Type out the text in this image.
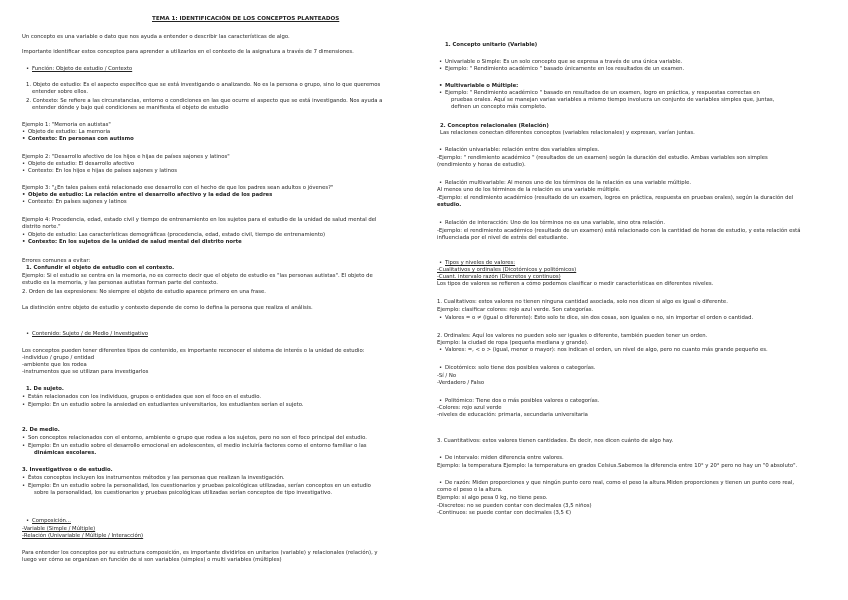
TEMA 1: IDENTIFICACIÓN DE LOS CONCEPTOS PLANTEADOS
Un concepto es una variable o dato que nos ayuda a entender o describir las características de algo.
Importante identificar estos conceptos para aprender a utilizarlos en el contexto de la asignatura a través de 7 dimensiones.
• Función: Objeto de estudio / Contexto
1. Objeto de estudio: Es el aspecto específico que se está investigando o analizando. No es la persona o grupo, sino lo que queremos
entender sobre ellos.
2. Contexto: Se refiere a las circunstancias, entorno o condiciones en las que ocurre el aspecto que se está investigando. Nos ayuda a
entender dónde y bajo qué condiciones se manifiesta el objeto de estudio
Ejemplo 1: "Memoria en autistas"
• Objeto de estudio: La memoria
• Contexto: En personas con autismo
Ejemplo 2: "Desarrollo afectivo de los hijos e hijas de países sajones y latinos"
• Objeto de estudio: El desarrollo afectivo
• Contexto: En los hijos e hijas de países sajones y latinos
Ejemplo 3: "¿En tales países está relacionado ese desarrollo con el hecho de que los padres sean adultos o jóvenes?"
• Objeto de estudio: La relación entre el desarrollo afectivo y la edad de los padres
• Contexto: En países sajones y latinos
Ejemplo 4: Procedencia, edad, estado civil y tiempo de entrenamiento en los sujetos para el estudio de la unidad de salud mental del
distrito norte."
• Objeto de estudio: Las características demográficas (procedencia, edad, estado civil, tiempo de entrenamiento)
• Contexto: En los sujetos de la unidad de salud mental del distrito norte
Errores comunes a evitar:
1. Confundir el objeto de estudio con el contexto.
Ejemplo: Si el estudio se centra en la memoria, no es correcto decir que el objeto de estudio es "las personas autistas". El objeto de
estudio es la memoria, y las personas autistas forman parte del contexto.
2. Orden de las expresiones: No siempre el objeto de estudio aparece primero en una frase.
La distinción entre objeto de estudio y contexto depende de como lo defina la persona que realiza el análisis.
• Contenido: Sujeto / de Medio / Investigativo
Los conceptos pueden tener diferentes tipos de contenido, es importante reconocer el sistema de interés o la unidad de estudio:
-individuo / grupo / entidad
-ambiente que los rodea
-instrumentos que se utilizan para investigarlos
1. De sujeto.
• Están relacionados con los individuos, grupos o entidades que son el foco en el estudio.
• Ejemplo: En un estudio sobre la ansiedad en estudiantes universitarios, los estudiantes serían el sujeto.
2. De medio.
• Son conceptos relacionados con el entorno, ambiente o grupo que rodea a los sujetos, pero no son el foco principal del estudio.
• Ejemplo: En un estudio sobre el desarrollo emocional en adolescentes, el medio incluiría factores como el entorno familiar o las
dinámicas escolares.
3. Investigativos o de estudio.
• Éstos conceptos incluyen los instrumentos métodos y las personas que realizan la investigación.
• Ejemplo: En un estudio sobre la personalidad, los cuestionarios y pruebas psicológicas utilizadas, serían conceptos en un estudio
sobre la personalidad, los cuestionarios y pruebas psicológicas utilizadas serían conceptos de tipo investigativo.
• Composición...
-Variable (Simple / Múltiple)
-Relación (Univariable / Múltiple / Interacción)
Para entender los conceptos por su estructura composición, es importante dividirlos en unitarios (variable) y relacionales (relación), y
luego ver cómo se organizan en función de si son variables (simples) o multi variables (múltiples)
1. Concepto unitario (Variable)
• Univariable o Simple: Es un solo concepto que se expresa a través de una única variable.
• Ejemplo: " Rendimiento académico " basado únicamente en los resultados de un examen.
• Multivariable o Múltiple:
• Ejemplo: " Rendimiento académico " basado en resultados de un examen, logro en práctica, y respuestas correctas en
pruebas orales. Aquí se manejan varias variables a mismo tiempo involucra un conjunto de variables simples que, juntas,
definen un concepto más completo.
2. Conceptos relacionales (Relación)
Las relaciones conectan diferentes conceptos (variables relacionales) y expresan, varían juntas.
• Relación univariable: relación entre dos variables simples.
-Ejemplo: " rendimiento académico " (resultados de un examen) según la duración del estudio. Ambas variables son simples
(rendimiento y horas de estudio).
• Relación multivariable: Al menos uno de los términos de la relación es una variable múltiple.
Al menos uno de los términos de la relación es una variable múltiple.
-Ejemplo: el rendimiento académico (resultado de un examen, logros en práctica, respuesta en pruebas orales), según la duración del
estudio.
• Relación de interacción: Uno de los términos no es una variable, sino otra relación.
-Ejemplo: el rendimiento académico (resultado de un examen) está relacionado con la cantidad de horas de estudio, y esta relación está
influenciada por el nivel de estrés del estudiante.
• Tipos y niveles de valores:
-Cualitativos y ordinales (Dicotómicos y politómicos)
-Cuant. intervalo razón (Discretos y continuos)
Los tipos de valores se refieren a cómo podemos clasificar o medir características en diferentes niveles.
1. Cualitativos: estos valores no tienen ninguna cantidad asociada, solo nos dicen si algo es igual o diferente.
Ejemplo: clasificar colores: rojo azul verde. Son categorías.
• Valores = o ≠ (igual o diferente): Esto solo te dice, sin dos cosas, son iguales o no, sin importar el orden o cantidad.
2. Ordinales: Aquí los valores no pueden solo ser iguales o diferente, también pueden tener un orden.
Ejemplo: la ciudad de ropa (pequeña mediana y grande).
• Valores: =, < o > (igual, menor o mayor): nos indican el orden, un nivel de algo, pero no cuanto más grande pequeño es.
• Dicotómico: solo tiene dos posibles valores o categorías.
-Sí / No
-Verdadero / Falso
• Politómico: Tiene dos o más posibles valores o categorías.
-Colores: rojo azul verde
-niveles de educación: primaria, secundaria universitaria
3. Cuantitativos: estos valores tienen cantidades. Es decir, nos dicen cuánto de algo hay.
• De intervalo: miden diferencia entre valores.
Ejemplo: la temperatura Ejemplo: la temperatura en grados Celsius.Sabemos la diferencia entre 10° y 20° pero no hay un "0 absoluto".
• De razón: Miden proporciones y que ningún punto cero real, como el peso la altura.Miden proporciones y tienen un punto cero real,
como el peso o la altura.
Ejemplo: si algo pesa 0 kg, no tiene peso.
-Discretos: no se pueden contar con decimales (3,5 niños)
-Continuos: se puede contar con decimales (3,5 €)
